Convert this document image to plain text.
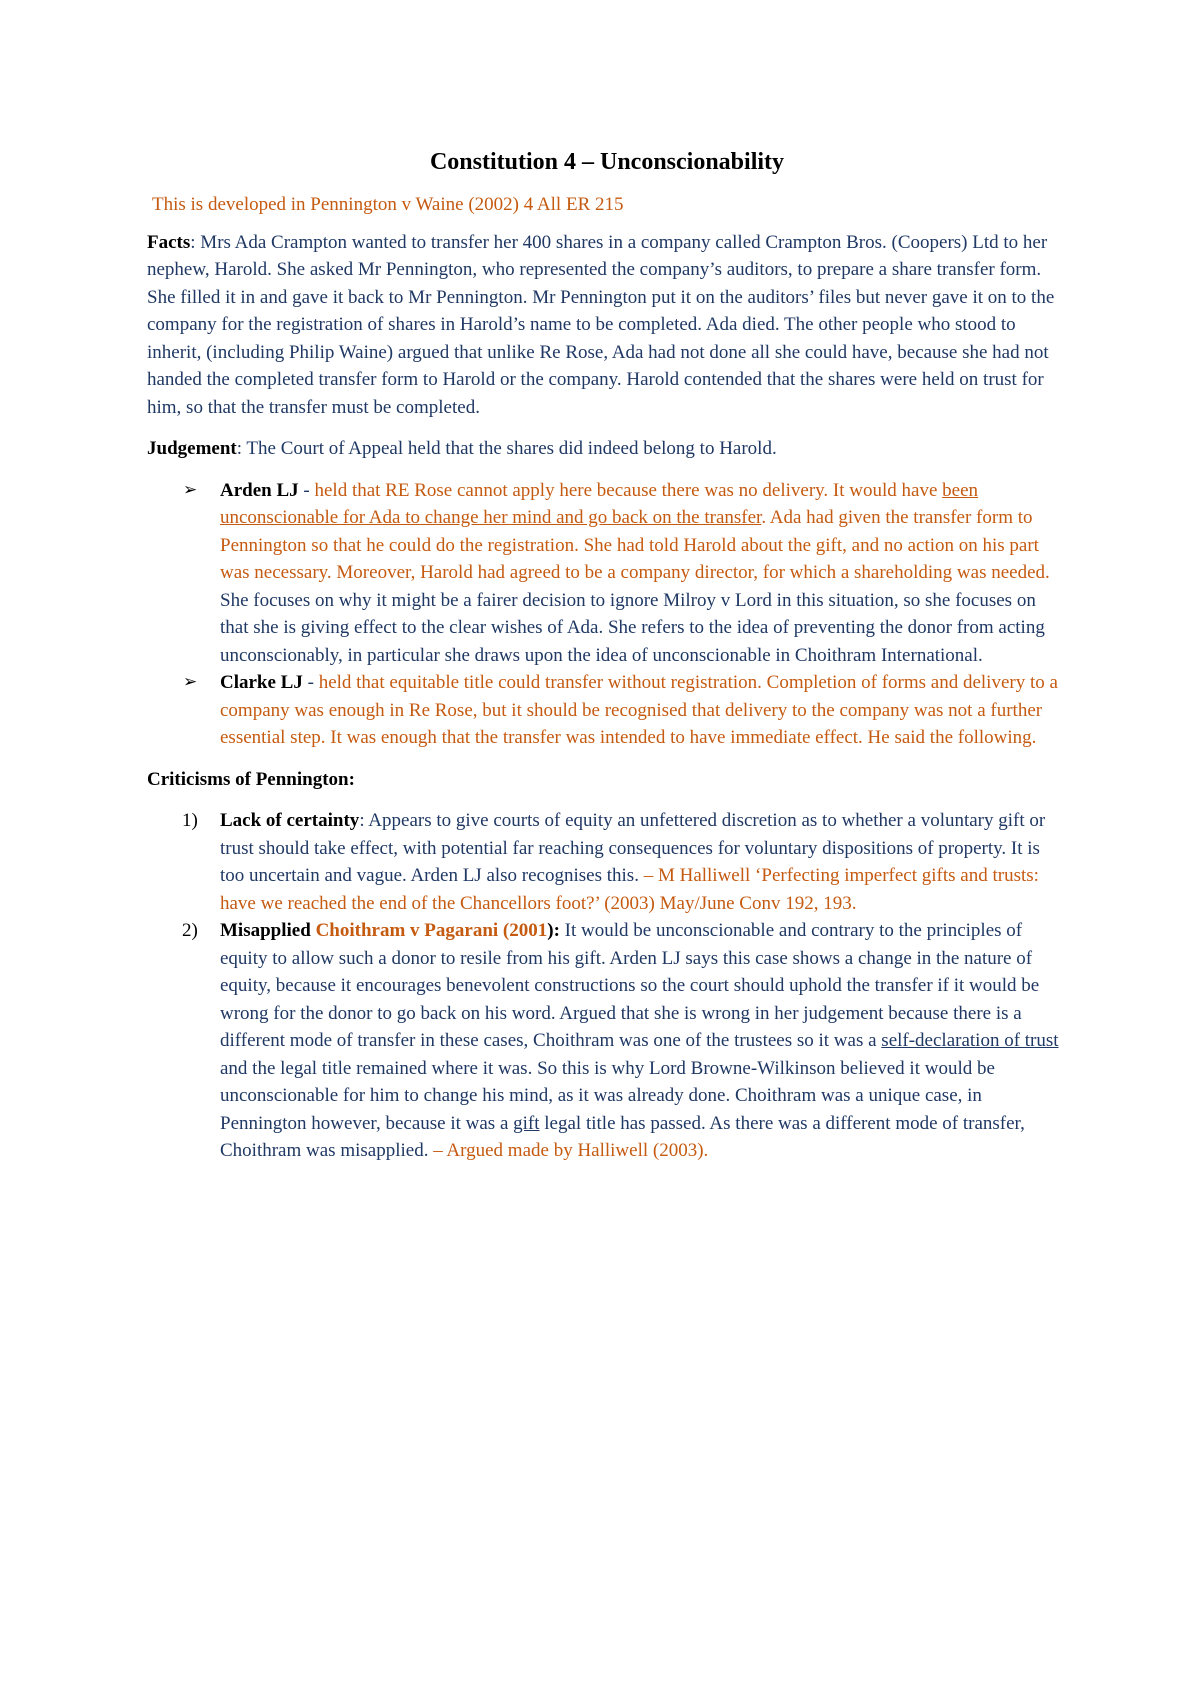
Constitution 4 – Unconscionability

This is developed in Pennington v Waine (2002) 4 All ER 215

Facts: Mrs Ada Crampton wanted to transfer her 400 shares in a company called Crampton Bros. (Coopers) Ltd to her nephew, Harold. She asked Mr Pennington, who represented the company’s auditors, to prepare a share transfer form. She filled it in and gave it back to Mr Pennington. Mr Pennington put it on the auditors’ files but never gave it on to the company for the registration of shares in Harold’s name to be completed. Ada died. The other people who stood to inherit, (including Philip Waine) argued that unlike Re Rose, Ada had not done all she could have, because she had not handed the completed transfer form to Harold or the company. Harold contended that the shares were held on trust for him, so that the transfer must be completed.

Judgement: The Court of Appeal held that the shares did indeed belong to Harold.

➢ Arden LJ - held that RE Rose cannot apply here because there was no delivery. It would have been unconscionable for Ada to change her mind and go back on the transfer. Ada had given the transfer form to Pennington so that he could do the registration. She had told Harold about the gift, and no action on his part was necessary. Moreover, Harold had agreed to be a company director, for which a shareholding was needed.
She focuses on why it might be a fairer decision to ignore Milroy v Lord in this situation, so she focuses on that she is giving effect to the clear wishes of Ada. She refers to the idea of preventing the donor from acting unconscionably, in particular she draws upon the idea of unconscionable in Choithram International.
➢ Clarke LJ - held that equitable title could transfer without registration. Completion of forms and delivery to a company was enough in Re Rose, but it should be recognised that delivery to the company was not a further essential step. It was enough that the transfer was intended to have immediate effect. He said the following.

Criticisms of Pennington:

1) Lack of certainty: Appears to give courts of equity an unfettered discretion as to whether a voluntary gift or trust should take effect, with potential far reaching consequences for voluntary dispositions of property. It is too uncertain and vague. Arden LJ also recognises this. – M Halliwell ‘Perfecting imperfect gifts and trusts: have we reached the end of the Chancellors foot?’ (2003) May/June Conv 192, 193.
2) Misapplied Choithram v Pagarani (2001): It would be unconscionable and contrary to the principles of equity to allow such a donor to resile from his gift. Arden LJ says this case shows a change in the nature of equity, because it encourages benevolent constructions so the court should uphold the transfer if it would be wrong for the donor to go back on his word. Argued that she is wrong in her judgement because there is a different mode of transfer in these cases, Choithram was one of the trustees so it was a self-declaration of trust and the legal title remained where it was. So this is why Lord Browne-Wilkinson believed it would be unconscionable for him to change his mind, as it was already done. Choithram was a unique case, in Pennington however, because it was a gift legal title has passed. As there was a different mode of transfer, Choithram was misapplied. – Argued made by Halliwell (2003).
